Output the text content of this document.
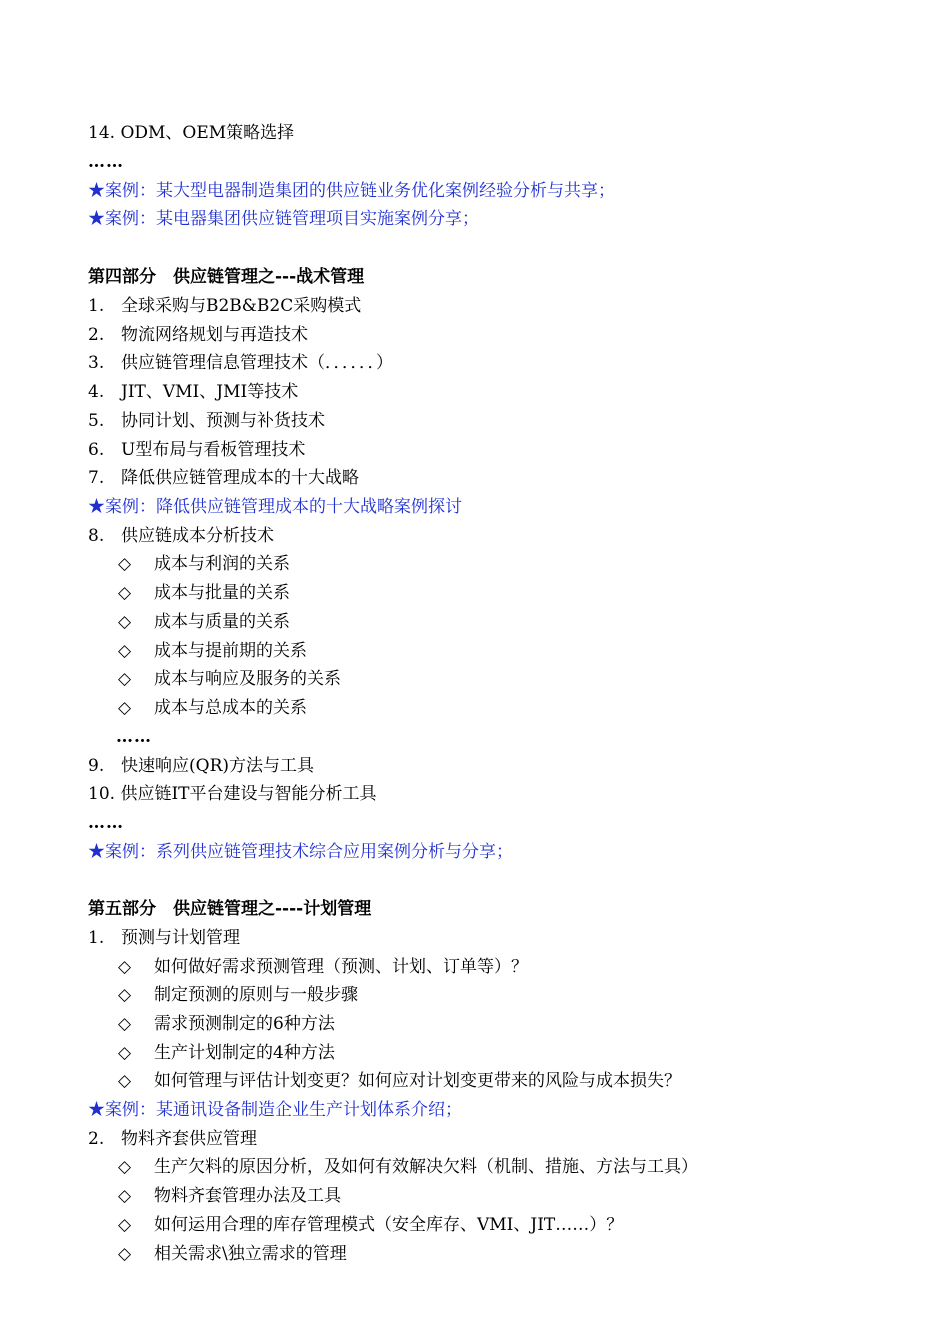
14. ODM、OEM策略选择
……
★案例：某大型电器制造集团的供应链业务优化案例经验分析与共享；
★案例：某电器集团供应链管理项目实施案例分享；
第四部分　供应链管理之---战术管理
1. 全球采购与B2B&B2C采购模式
2. 物流网络规划与再造技术
3. 供应链管理信息管理技术（．．．．．．）
4. JIT、VMI、JMI等技术
5. 协同计划、预测与补货技术
6. U型布局与看板管理技术
7. 降低供应链管理成本的十大战略
★案例：降低供应链管理成本的十大战略案例探讨
8. 供应链成本分析技术
◇ 成本与利润的关系
◇ 成本与批量的关系
◇ 成本与质量的关系
◇ 成本与提前期的关系
◇ 成本与响应及服务的关系
◇ 成本与总成本的关系
……
9. 快速响应(QR)方法与工具
10. 供应链IT平台建设与智能分析工具
……
★案例：系列供应链管理技术综合应用案例分析与分享；
第五部分　供应链管理之----计划管理
1. 预测与计划管理
◇ 如何做好需求预测管理（预测、计划、订单等）？
◇ 制定预测的原则与一般步骤
◇ 需求预测制定的6种方法
◇ 生产计划制定的4种方法
◇ 如何管理与评估计划变更？如何应对计划变更带来的风险与成本损失？
★案例：某通讯设备制造企业生产计划体系介绍；
2. 物料齐套供应管理
◇ 生产欠料的原因分析，及如何有效解决欠料（机制、措施、方法与工具）
◇ 物料齐套管理办法及工具
◇ 如何运用合理的库存管理模式（安全库存、VMI、JIT……）？
◇ 相关需求\独立需求的管理
